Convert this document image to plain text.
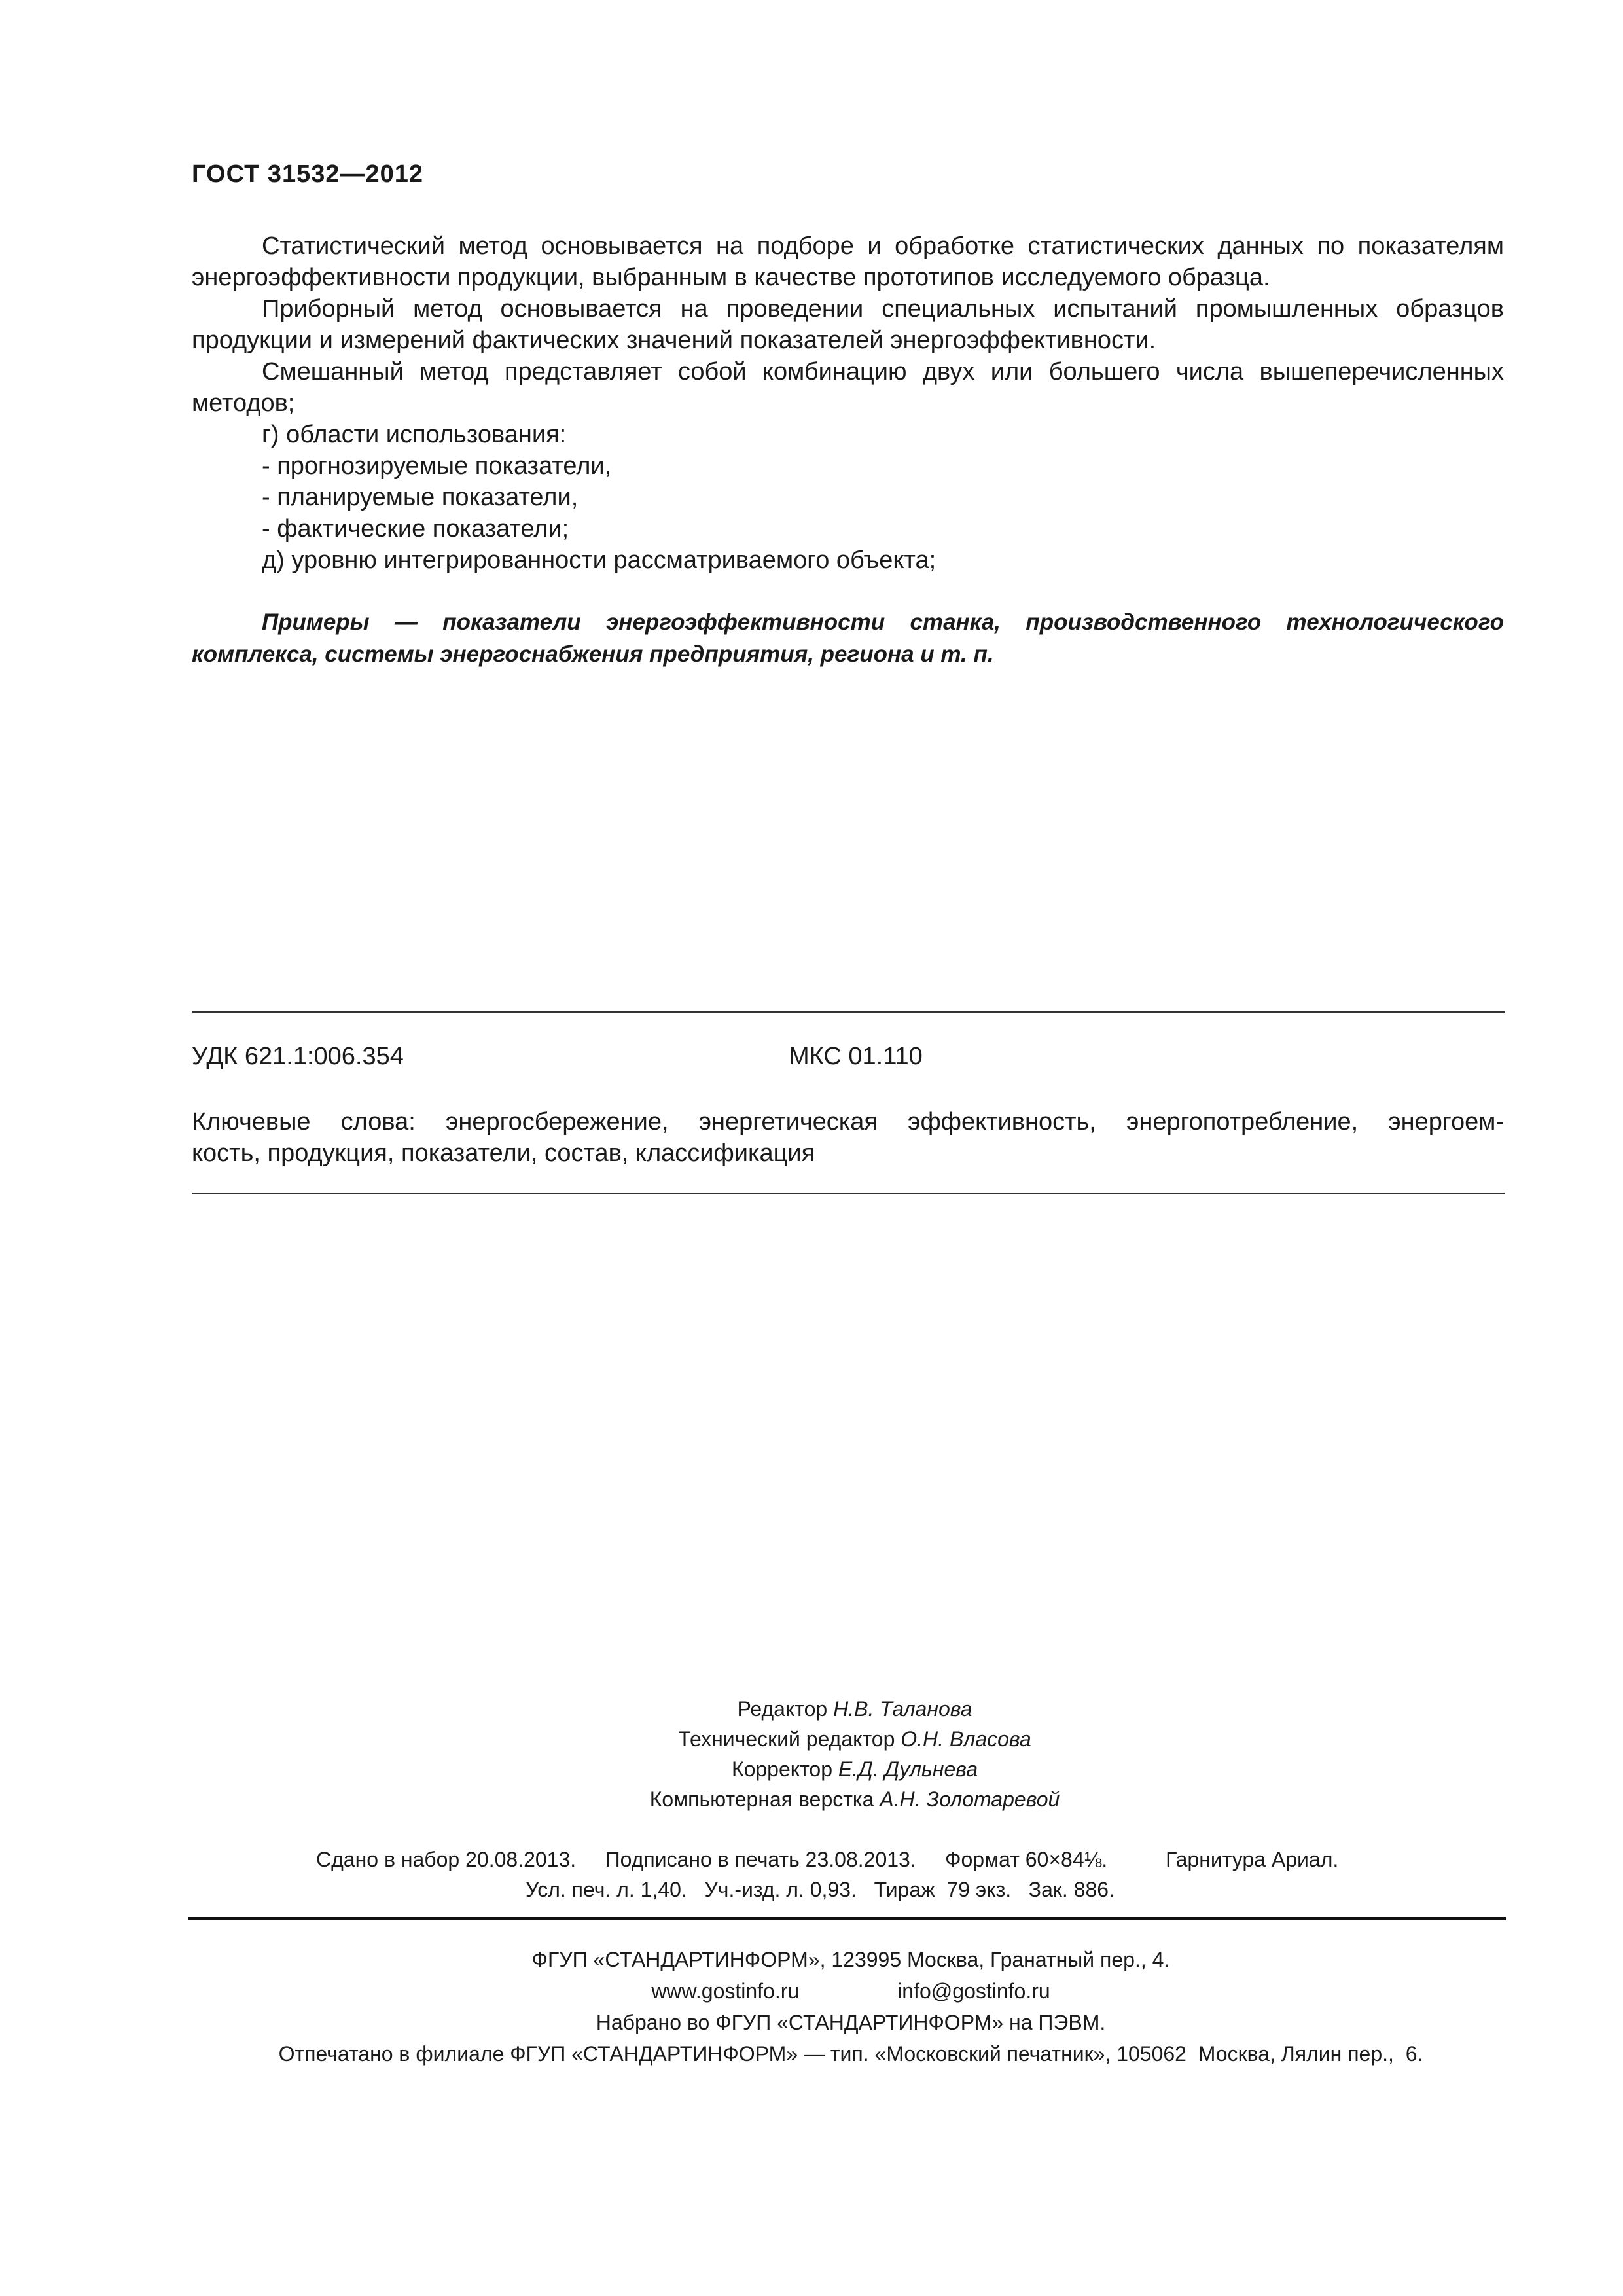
ГОСТ 31532—2012
Статистический метод основывается на подборе и обработке статистических данных по показателям энергоэффективности продукции, выбранным в качестве прототипов исследуемого образца.
Приборный метод основывается на проведении специальных испытаний промышленных образцов продукции и измерений фактических значений показателей энергоэффективности.
Смешанный метод представляет собой комбинацию двух или большего числа вышеперечисленных методов;
г) области использования:
- прогнозируемые показатели,
- планируемые показатели,
- фактические показатели;
д) уровню интегрированности рассматриваемого объекта;
Примеры — показатели энергоэффективности станка, производственного технологического комплекса, системы энергоснабжения предприятия, региона и т. п.
УДК 621.1:006.354	МКС 01.110
Ключевые слова: энергосбережение, энергетическая эффективность, энергопотребление, энергоем-
кость, продукция, показатели, состав, классификация
Редактор Н.В. Таланова
Технический редактор О.Н. Власова
Корректор Е.Д. Дульнева
Компьютерная верстка А.Н. Золотаревой
Сдано в набор 20.08.2013.     Подписано в печать 23.08.2013.     Формат 60×84⅛.          Гарнитура Ариал.
Усл. печ. л. 1,40.   Уч.-изд. л. 0,93.   Тираж  79 экз.   Зак. 886.
ФГУП «СТАНДАРТИНФОРМ», 123995 Москва, Гранатный пер., 4.
www.gostinfo.ru	info@gostinfo.ru
Набрано во ФГУП «СТАНДАРТИНФОРМ» на ПЭВМ.
Отпечатано в филиале ФГУП «СТАНДАРТИНФОРМ» — тип. «Московский печатник», 105062  Москва, Лялин пер.,  6.
